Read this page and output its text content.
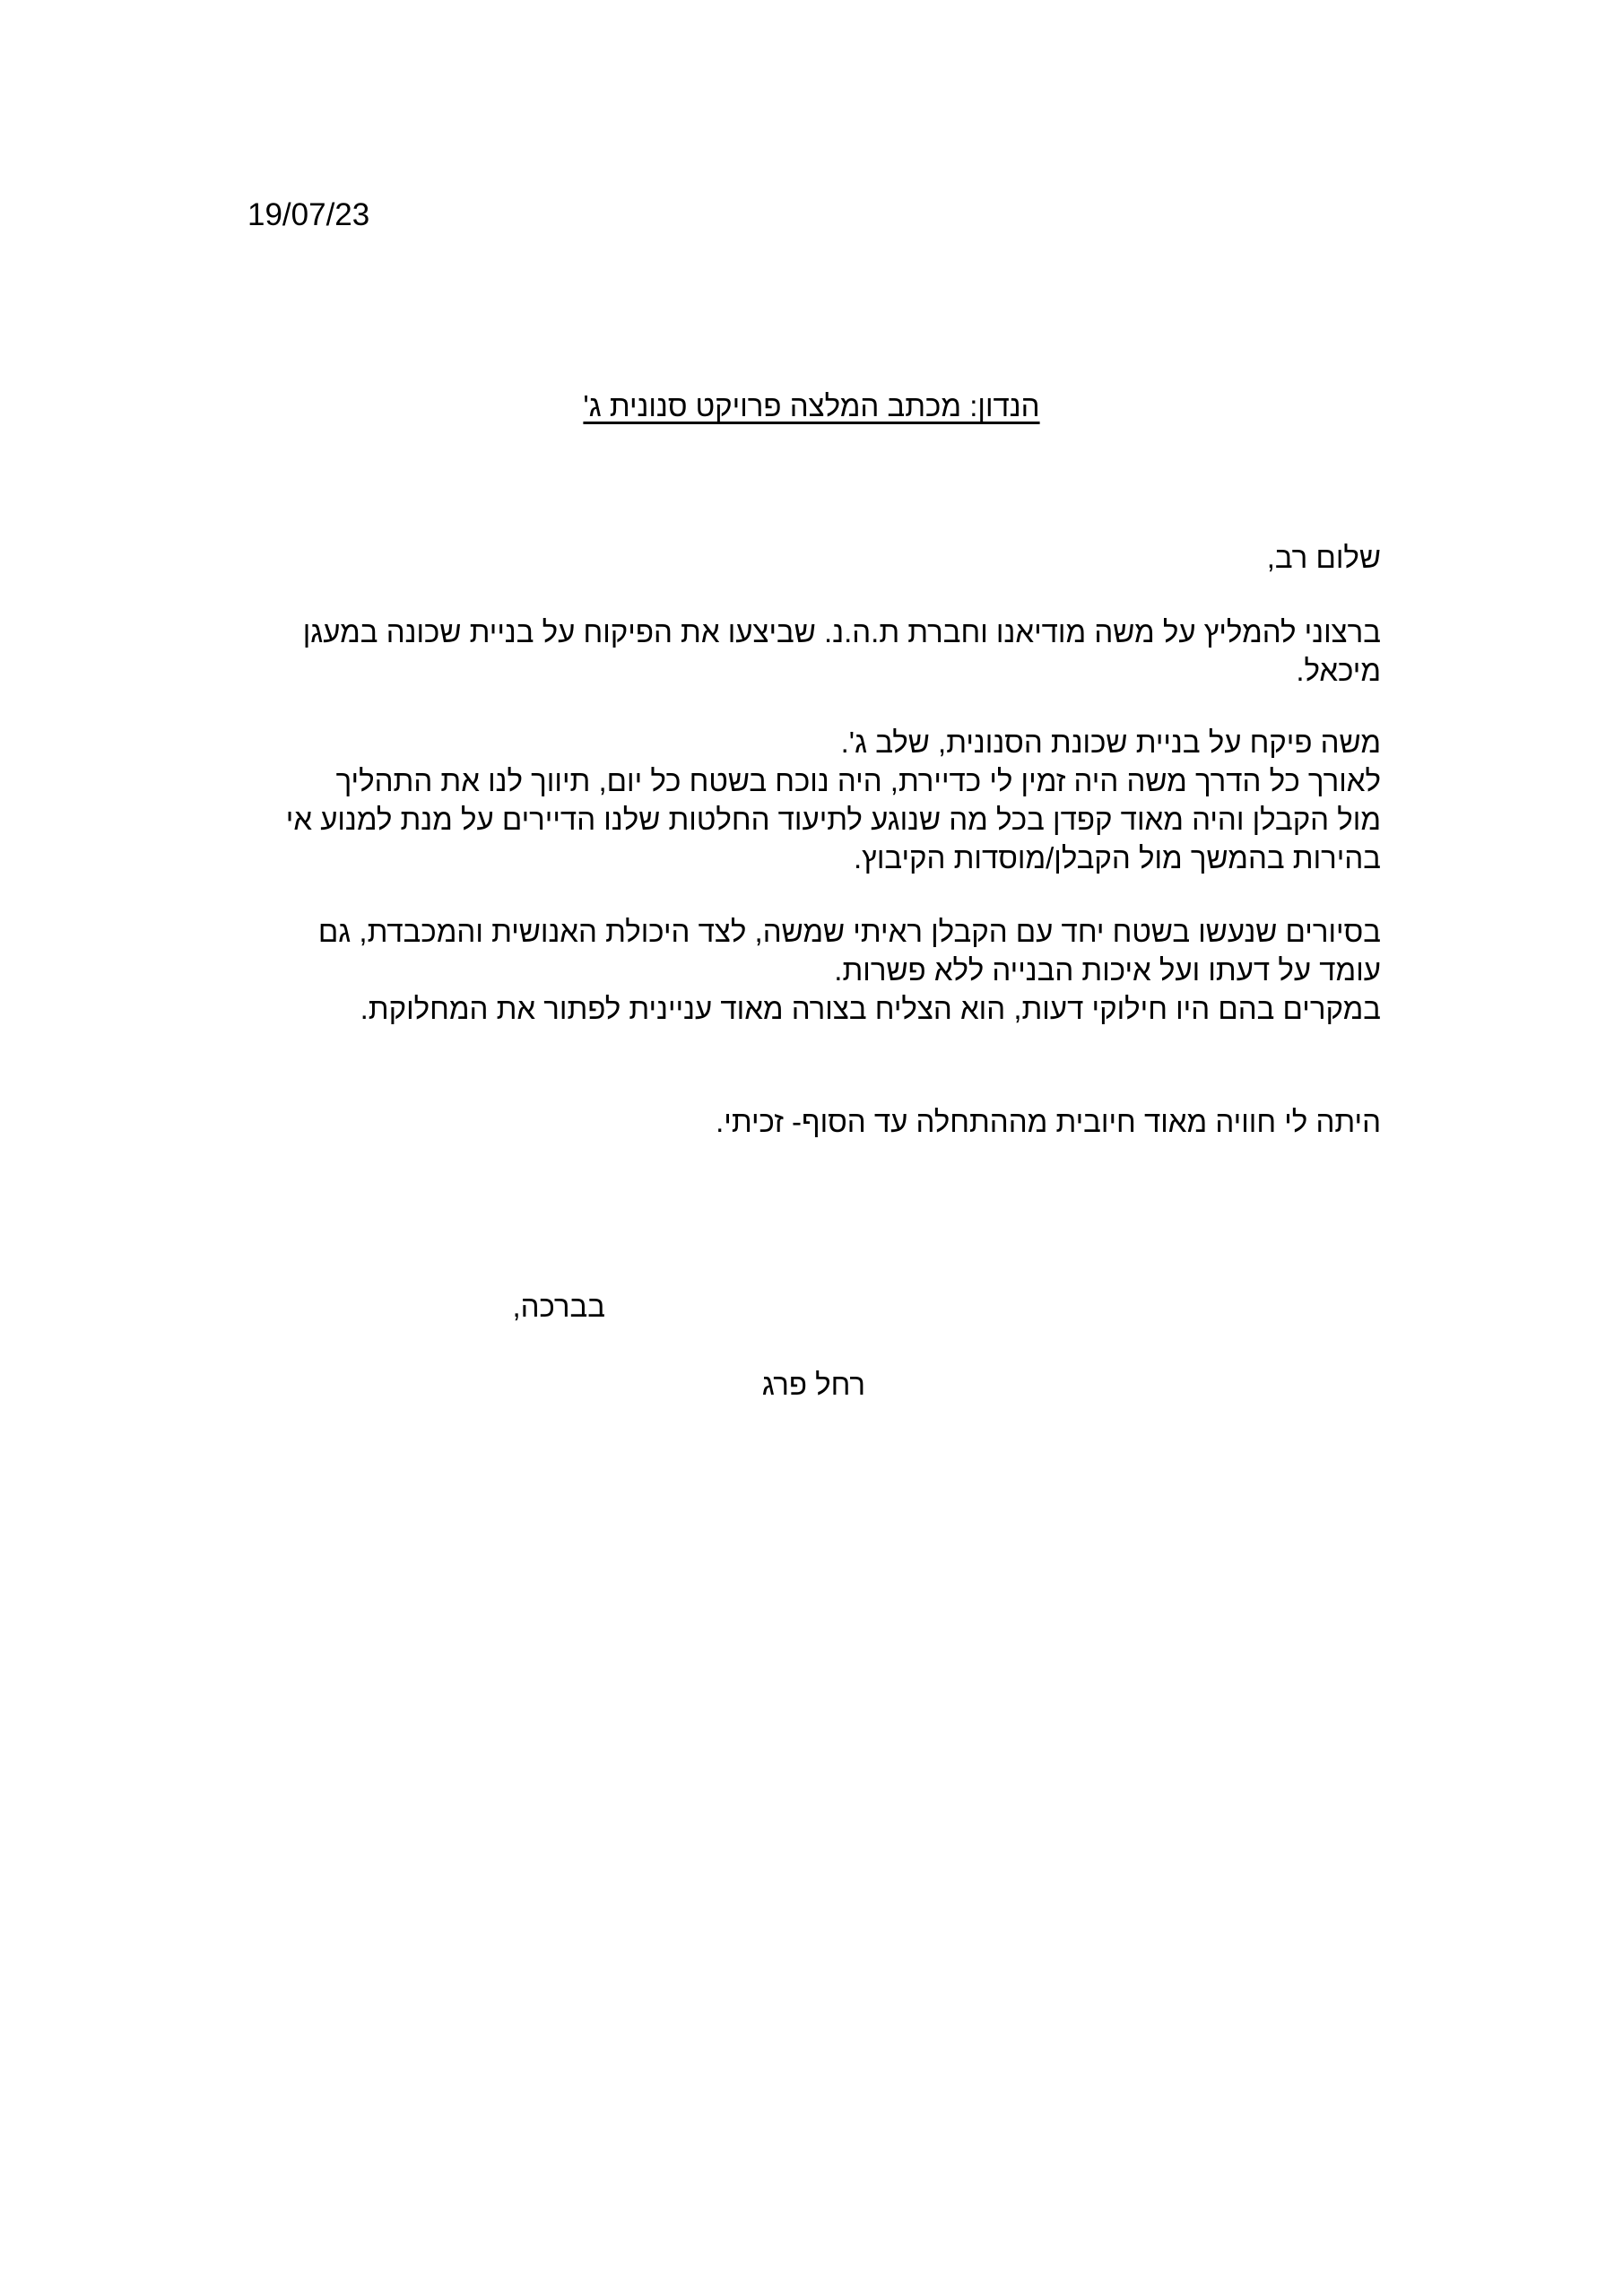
19/07/23
הנדון: מכתב המלצה פרויקט סנונית ג'
שלום רב,
ברצוני להמליץ על משה מודיאנו וחברת ת.ה.נ. שביצעו את הפיקוח על בניית שכונה במעגן
מיכאל.
משה פיקח על בניית שכונת הסנונית, שלב ג'.
לאורך כל הדרך משה היה זמין לי כדיירת, היה נוכח בשטח כל יום, תיווך לנו את התהליך
מול הקבלן והיה מאוד קפדן בכל מה שנוגע לתיעוד החלטות שלנו הדיירים על מנת למנוע אי
בהירות בהמשך מול הקבלן/מוסדות הקיבוץ.
בסיורים שנעשו בשטח יחד עם הקבלן ראיתי שמשה, לצד היכולת האנושית והמכבדת, גם
עומד על דעתו ועל איכות הבנייה ללא פשרות.
במקרים בהם היו חילוקי דעות, הוא הצליח בצורה מאוד עניינית לפתור את המחלוקת.
היתה לי חוויה מאוד חיובית מההתחלה עד הסוף- זכיתי.
בברכה,
רחל פרג
